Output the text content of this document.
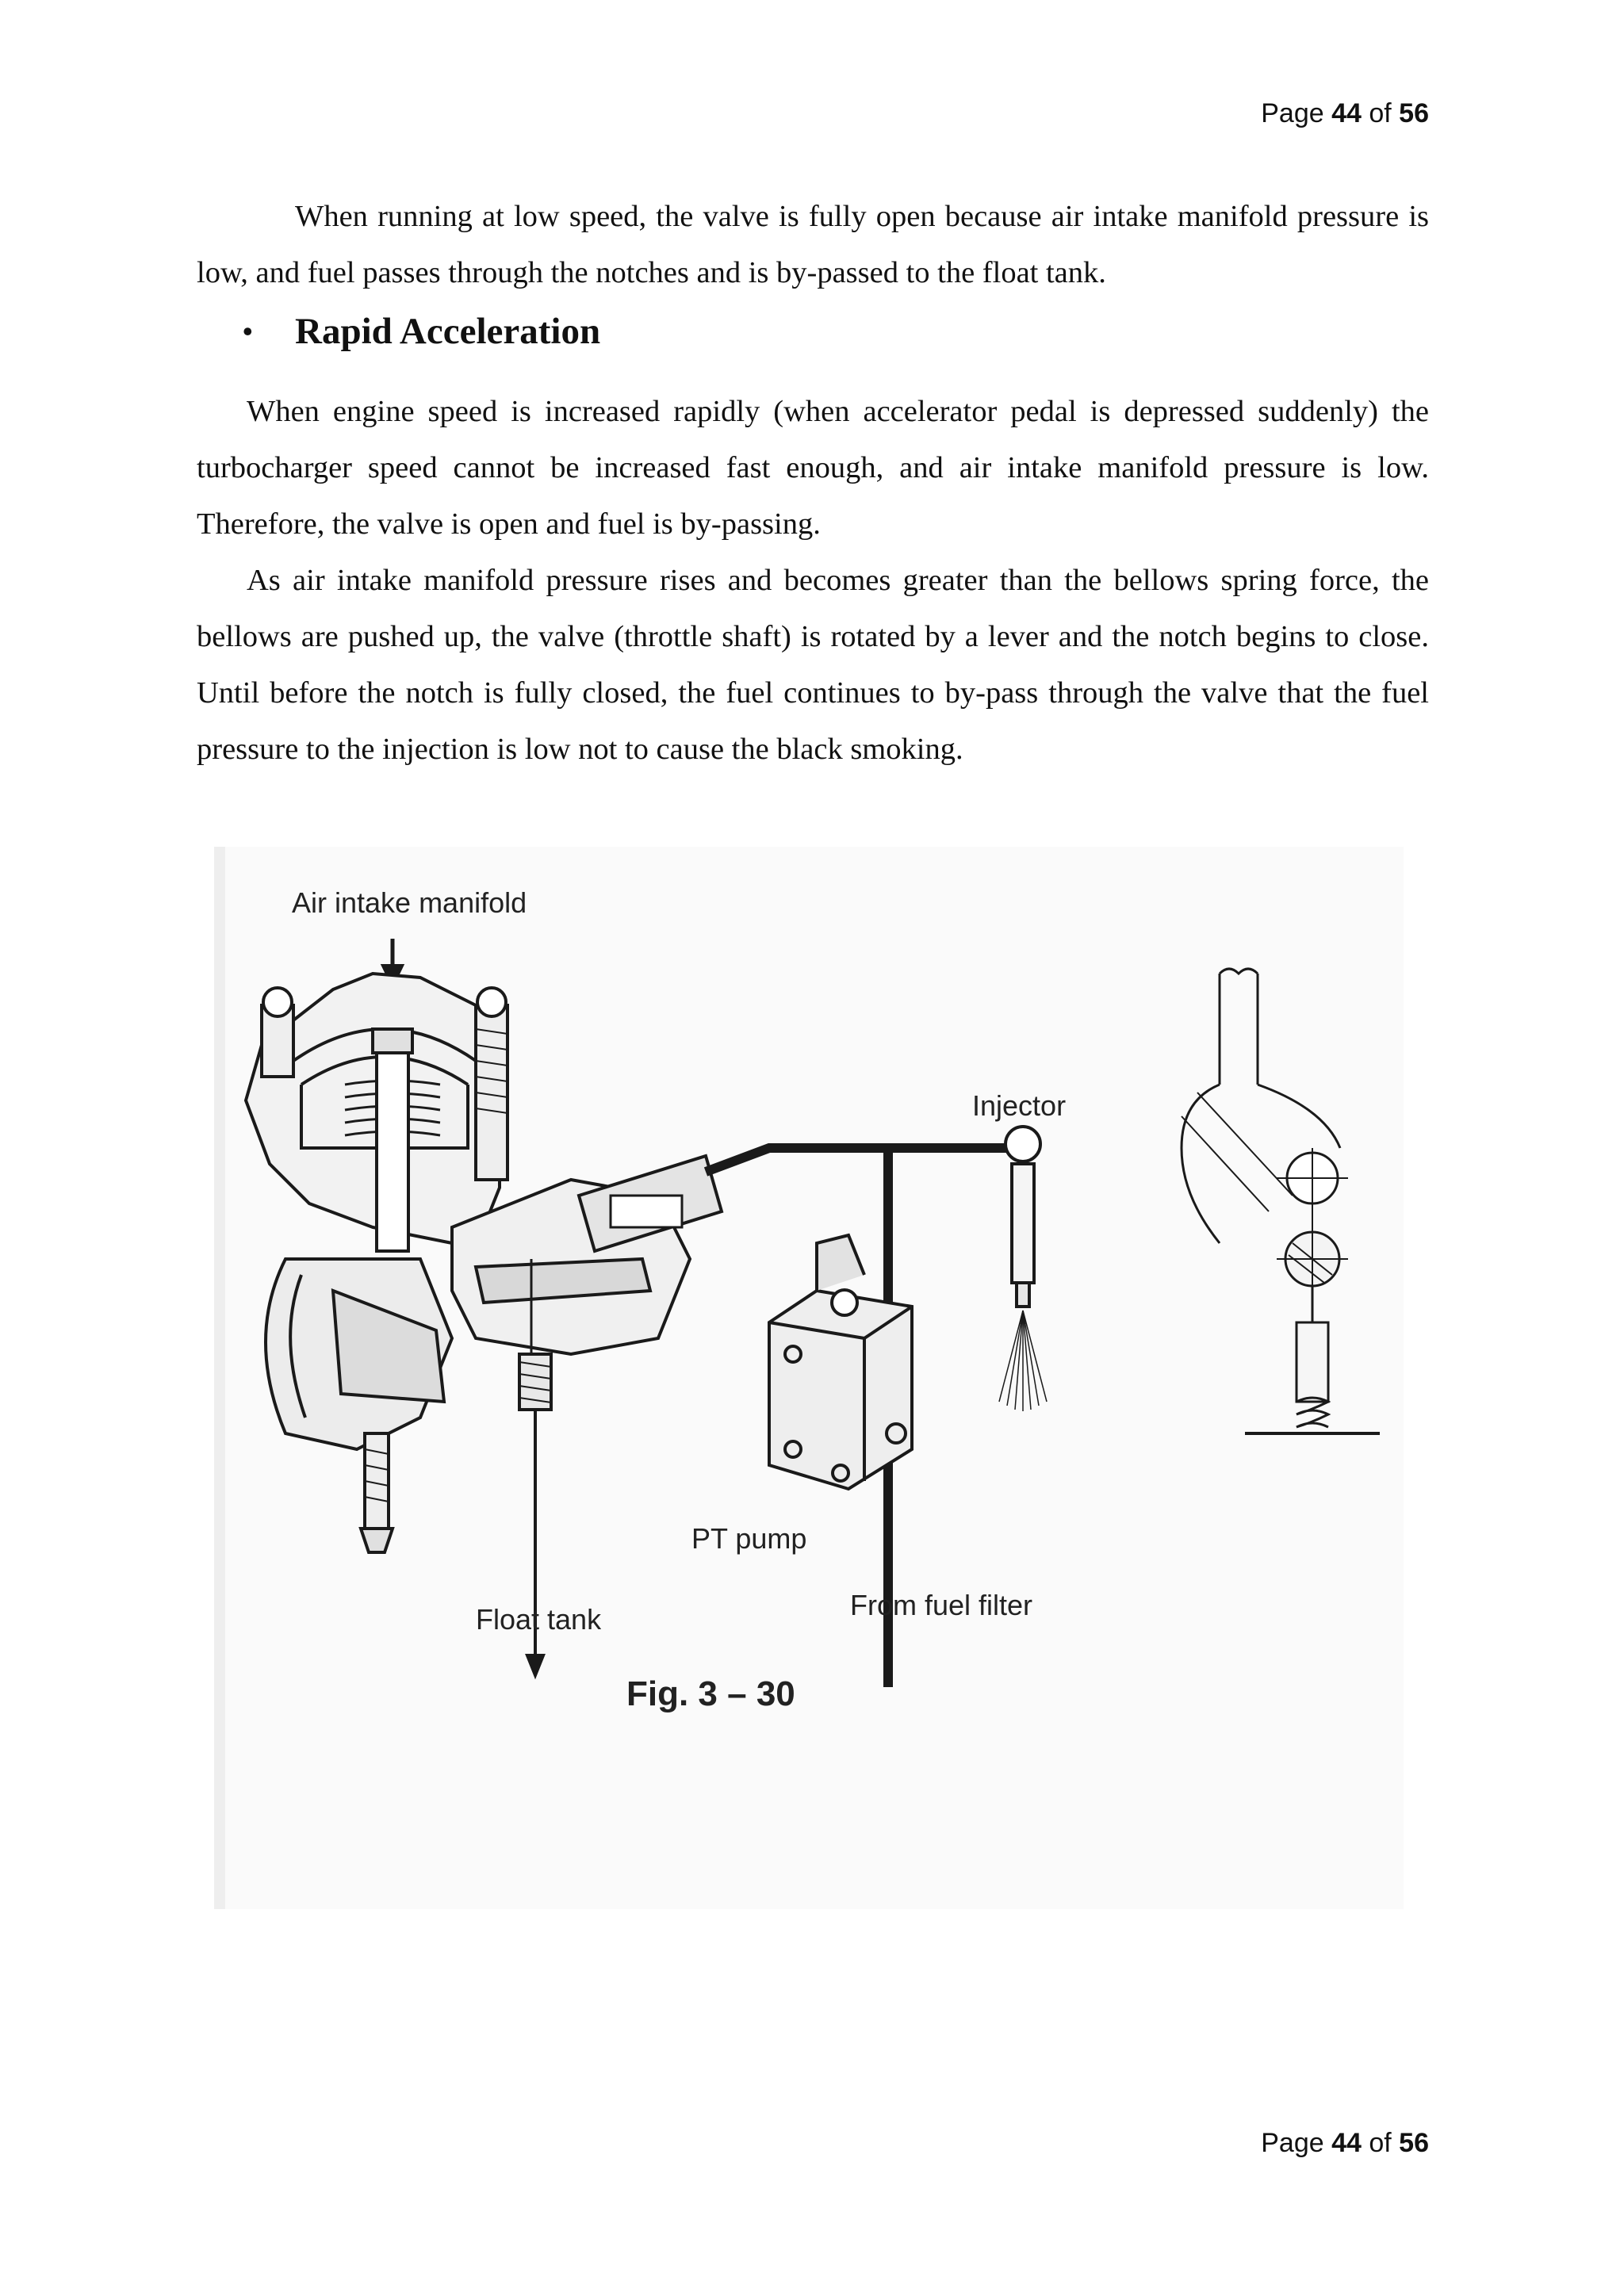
Page 44 of 56

When running at low speed, the valve is fully open because air intake manifold pressure is low, and fuel passes through the notches and is by-passed to the float tank.

• Rapid Acceleration

When engine speed is increased rapidly (when accelerator pedal is depressed suddenly) the turbocharger speed cannot be increased fast enough, and air intake manifold pressure is low. Therefore, the valve is open and fuel is by-passing.

As air intake manifold pressure rises and becomes greater than the bellows spring force, the bellows are pushed up, the valve (throttle shaft) is rotated by a lever and the notch begins to close. Until before the notch is fully closed, the fuel continues to by-pass through the valve that the fuel pressure to the injection is low not to cause the black smoking.

Air intake manifold
Injector
PT pump
Float tank	From fuel filter
Fig. 3 – 30
Page 44 of 56
